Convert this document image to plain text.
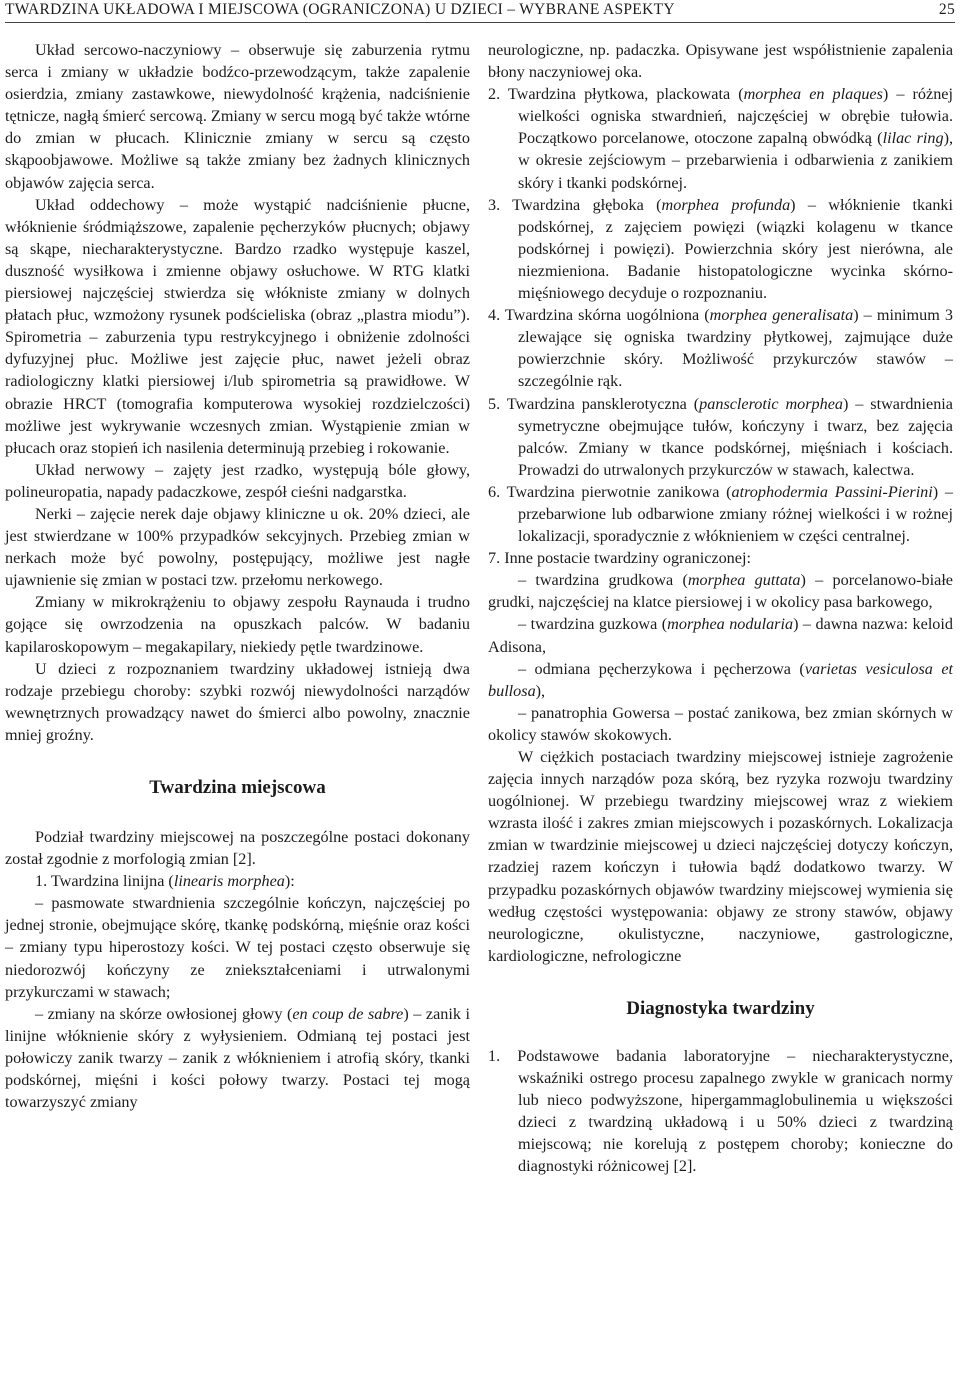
TWARDZINA UKŁADOWA I MIEJSCOWA (OGRANICZONA) U DZIECI – WYBRANE ASPEKTY	25

Układ sercowo-naczyniowy – obserwuje się zaburzenia rytmu serca i zmiany w układzie bodźco-przewodzącym, także zapalenie osierdzia, zmiany zastawkowe, niewydolność krążenia, nadciśnienie tętnicze, nagłą śmierć sercową. Zmiany w sercu mogą być także wtórne do zmian w płucach. Klinicznie zmiany w sercu są często skąpoobjawowe. Możliwe są także zmiany bez żadnych klinicznych objawów zajęcia serca.

Układ oddechowy – może wystąpić nadciśnienie płucne, włóknienie śródmiąższowe, zapalenie pęcherzyków płucnych; objawy są skąpe, niecharakterystyczne. Bardzo rzadko występuje kaszel, duszność wysiłkowa i zmienne objawy osłuchowe. W RTG klatki piersiowej najczęściej stwierdza się włókniste zmiany w dolnych płatach płuc, wzmożony rysunek podścieliska (obraz „plastra miodu”). Spirometria – zaburzenia typu restrykcyjnego i obniżenie zdolności dyfuzyjnej płuc. Możliwe jest zajęcie płuc, nawet jeżeli obraz radiologiczny klatki piersiowej i/lub spirometria są prawidłowe. W obrazie HRCT (tomografia komputerowa wysokiej rozdzielczości) możliwe jest wykrywanie wczesnych zmian. Wystąpienie zmian w płucach oraz stopień ich nasilenia determinują przebieg i rokowanie.

Układ nerwowy – zajęty jest rzadko, występują bóle głowy, polineuropatia, napady padaczkowe, zespół cieśni nadgarstka.

Nerki – zajęcie nerek daje objawy kliniczne u ok. 20% dzieci, ale jest stwierdzane w 100% przypadków sekcyjnych. Przebieg zmian w nerkach może być powolny, postępujący, możliwe jest nagłe ujawnienie się zmian w postaci tzw. przełomu nerkowego.

Zmiany w mikrokrążeniu to objawy zespołu Raynauda i trudno gojące się owrzodzenia na opuszkach palców. W badaniu kapilaroskopowym – megakapilary, niekiedy pętle twardzinowe.

U dzieci z rozpoznaniem twardziny układowej istnieją dwa rodzaje przebiegu choroby: szybki rozwój niewydolności narządów wewnętrznych prowadzący nawet do śmierci albo powolny, znacznie mniej groźny.

Twardzina miejscowa

Podział twardziny miejscowej na poszczególne postaci dokonany został zgodnie z morfologią zmian [2].

1. Twardzina linijna (linearis morphea):

– pasmowate stwardnienia szczególnie kończyn, najczęściej po jednej stronie, obejmujące skórę, tkankę podskórną, mięśnie oraz kości – zmiany typu hiperostozy kości. W tej postaci często obserwuje się niedorozwój kończyny ze zniekształceniami i utrwalonymi przykurczami w stawach;

– zmiany na skórze owłosionej głowy (en coup de sabre) – zanik i linijne włóknienie skóry z wyłysieniem. Odmianą tej postaci jest połowiczy zanik twarzy – zanik z włóknieniem i atrofią skóry, tkanki podskórnej, mięśni i kości połowy twarzy. Postaci tej mogą towarzyszyć zmiany

neurologiczne, np. padaczka. Opisywane jest współistnienie zapalenia błony naczyniowej oka.

2. Twardzina płytkowa, plackowata (morphea en plaques) – różnej wielkości ogniska stwardnień, najczęściej w obrębie tułowia. Początkowo porcelanowe, otoczone zapalną obwódką (lilac ring), w okresie zejściowym – przebarwienia i odbarwienia z zanikiem skóry i tkanki podskórnej.

3. Twardzina głęboka (morphea profunda) – włóknienie tkanki podskórnej, z zajęciem powięzi (wiązki kolagenu w tkance podskórnej i powięzi). Powierzchnia skóry jest nierówna, ale niezmieniona. Badanie histopatologiczne wycinka skórno-mięśniowego decyduje o rozpoznaniu.

4. Twardzina skórna uogólniona (morphea generalisata) – minimum 3 zlewające się ogniska twardziny płytkowej, zajmujące duże powierzchnie skóry. Możliwość przykurczów stawów – szczególnie rąk.

5. Twardzina pansklerotyczna (pansclerotic morphea) – stwardnienia symetryczne obejmujące tułów, kończyny i twarz, bez zajęcia palców. Zmiany w tkance podskórnej, mięśniach i kościach. Prowadzi do utrwalonych przykurczów w stawach, kalectwa.

6. Twardzina pierwotnie zanikowa (atrophodermia Passini-Pierini) – przebarwione lub odbarwione zmiany różnej wielkości i w rożnej lokalizacji, sporadycznie z włóknieniem w części centralnej.

7. Inne postacie twardziny ograniczonej:

– twardzina grudkowa (morphea guttata) – porcelanowo-białe grudki, najczęściej na klatce piersiowej i w okolicy pasa barkowego,

– twardzina guzkowa (morphea nodularia) – dawna nazwa: keloid Adisona,

– odmiana pęcherzykowa i pęcherzowa (varietas vesiculosa et bullosa),

– panatrophia Gowersa – postać zanikowa, bez zmian skórnych w okolicy stawów skokowych.

W ciężkich postaciach twardziny miejscowej istnieje zagrożenie zajęcia innych narządów poza skórą, bez ryzyka rozwoju twardziny uogólnionej. W przebiegu twardziny miejscowej wraz z wiekiem wzrasta ilość i zakres zmian miejscowych i pozaskórnych. Lokalizacja zmian w twardzinie miejscowej u dzieci najczęściej dotyczy kończyn, rzadziej razem kończyn i tułowia bądź dodatkowo twarzy. W przypadku pozaskórnych objawów twardziny miejscowej wymienia się według częstości występowania: objawy ze strony stawów, objawy neurologiczne, okulistyczne, naczyniowe, gastrologiczne, kardiologiczne, nefrologiczne

Diagnostyka twardziny

1. Podstawowe badania laboratoryjne – niecharakterystyczne, wskaźniki ostrego procesu zapalnego zwykle w granicach normy lub nieco podwyższone, hipergammaglobulinemia u większości dzieci z twardziną układową i u 50% dzieci z twardziną miejscową; nie korelują z postępem choroby; konieczne do diagnostyki różnicowej [2].
